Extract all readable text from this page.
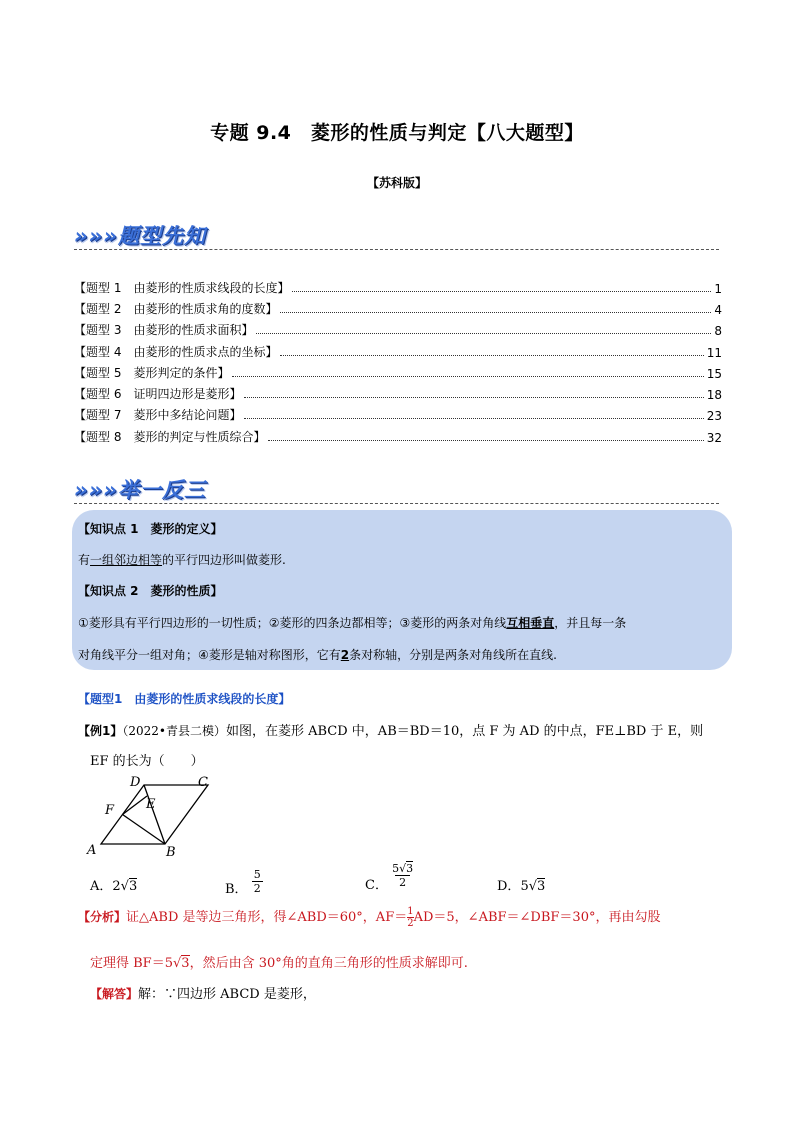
专题 9.4　菱形的性质与判定【八大题型】
【苏科版】
»»»题型先知
【题型 1　由菱形的性质求线段的长度】	1
【题型 2　由菱形的性质求角的度数】	4
【题型 3　由菱形的性质求面积】	8
【题型 4　由菱形的性质求点的坐标】	11
【题型 5　菱形判定的条件】	15
【题型 6　证明四边形是菱形】	18
【题型 7　菱形中多结论问题】	23
【题型 8　菱形的判定与性质综合】	32
»»»举一反三
【知识点 1　菱形的定义】
有一组邻边相等的平行四边形叫做菱形.
【知识点 2　菱形的性质】
①菱形具有平行四边形的一切性质；②菱形的四条边都相等；③菱形的两条对角线互相垂直，并且每一条
对角线平分一组对角；④菱形是轴对称图形，它有2条对称轴，分别是两条对角线所在直线.
【题型1　由菱形的性质求线段的长度】
【例1】（2022•青县二模）如图，在菱形 ABCD 中，AB＝BD＝10，点 F 为 AD 的中点，FE⊥BD 于 E，则
EF 的长为（　　）
A	B
C
D
E
F
A．2√3	B． $\frac{5}{2}$	C． $\frac{5√3}{2}$	D．5√3
【分析】证△ABD 是等边三角形，得∠ABD＝60°，$AF= \frac{1}{2} AD=5$，∠ABF＝∠DBF＝30°，再由勾股
定理得 BF＝5√3，然后由含 30°角的直角三角形的性质求解即可.
【解答】解：∵四边形 ABCD 是菱形，
